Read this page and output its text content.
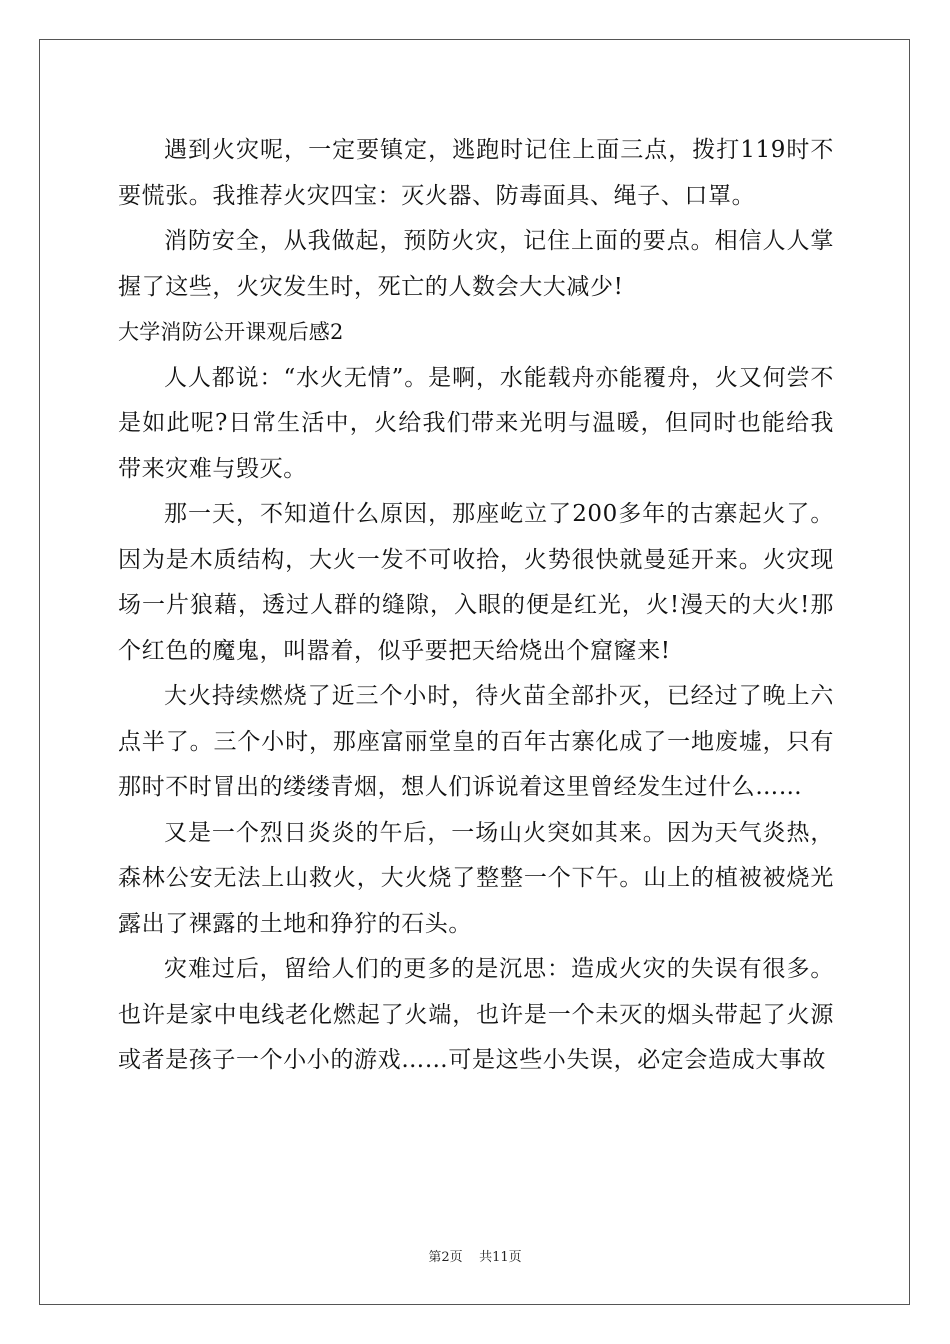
遇到火灾呢，一定要镇定，逃跑时记住上面三点，拨打119时不要慌张。我推荐火灾四宝：灭火器、防毒面具、绳子、口罩。

消防安全，从我做起，预防火灾，记住上面的要点。相信人人掌握了这些，火灾发生时，死亡的人数会大大减少!

大学消防公开课观后感2

人人都说：“水火无情”。是啊，水能载舟亦能覆舟，火又何尝不是如此呢?日常生活中，火给我们带来光明与温暖，但同时也能给我带来灾难与毁灭。

那一天，不知道什么原因，那座屹立了200多年的古寨起火了。因为是木质结构，大火一发不可收拾，火势很快就曼延开来。火灾现场一片狼藉，透过人群的缝隙，入眼的便是红光，火!漫天的大火!那个红色的魔鬼，叫嚣着，似乎要把天给烧出个窟窿来!

大火持续燃烧了近三个小时，待火苗全部扑灭，已经过了晚上六点半了。三个小时，那座富丽堂皇的百年古寨化成了一地废墟，只有那时不时冒出的缕缕青烟，想人们诉说着这里曾经发生过什么……

又是一个烈日炎炎的午后，一场山火突如其来。因为天气炎热，森林公安无法上山救火，大火烧了整整一个下午。山上的植被被烧光露出了裸露的土地和狰狞的石头。

灾难过后，留给人们的更多的是沉思：造成火灾的失误有很多。也许是家中电线老化燃起了火端，也许是一个未灭的烟头带起了火源或者是孩子一个小小的游戏……可是这些小失误，必定会造成大事故

第2页 共11页
